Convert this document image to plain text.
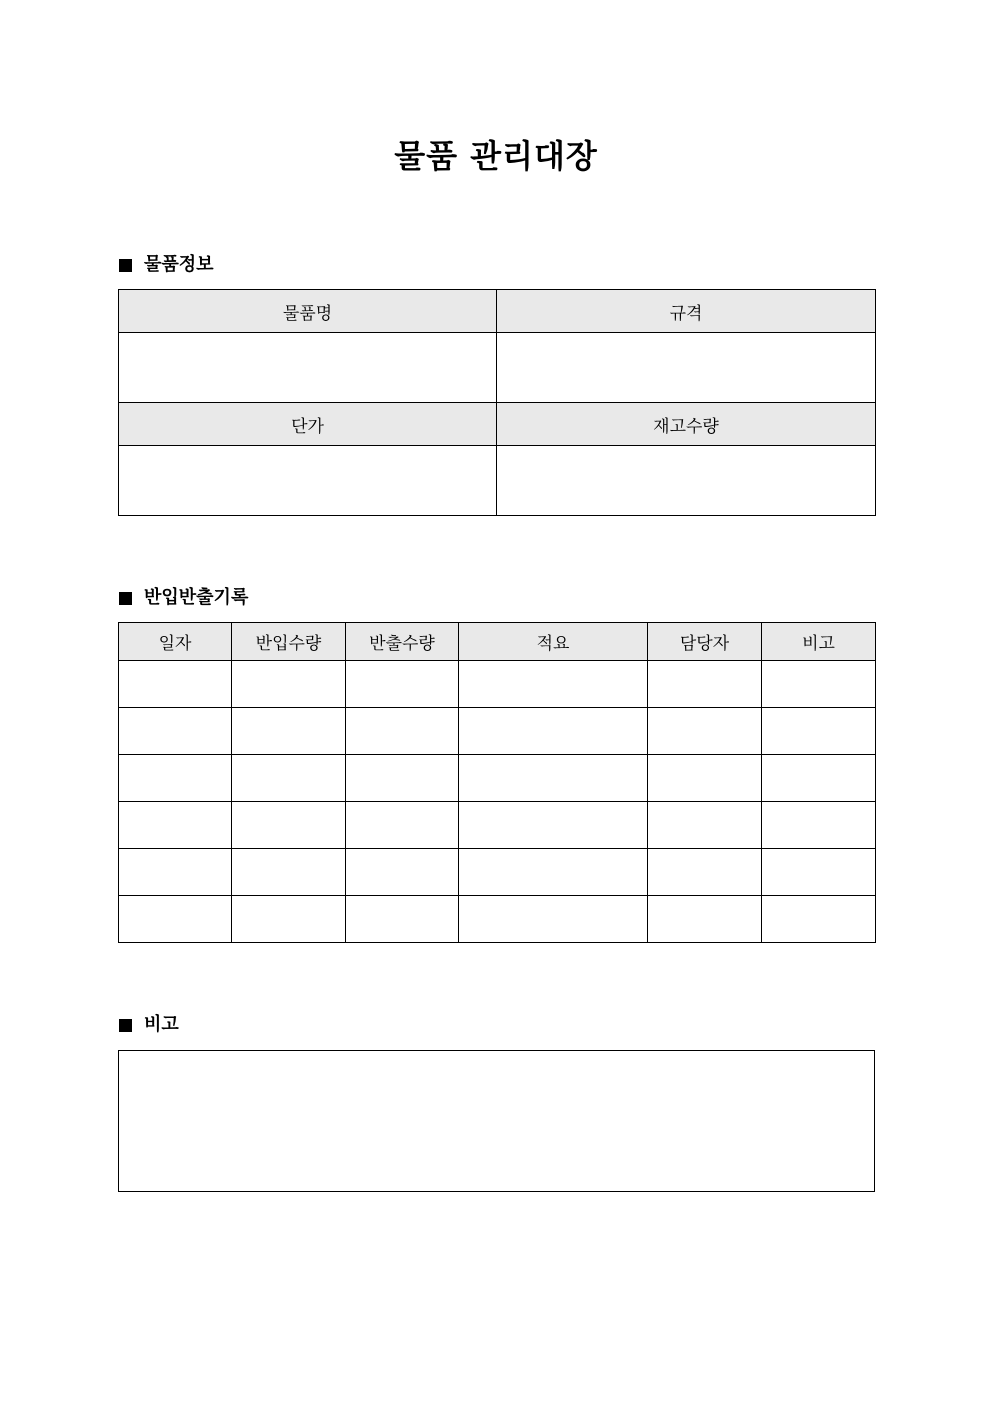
물품 관리대장
물품정보
물품명	규격

단가	재고수량

반입반출기록
일자	반입수량	반출수량	적요	담당자	비고

비고
